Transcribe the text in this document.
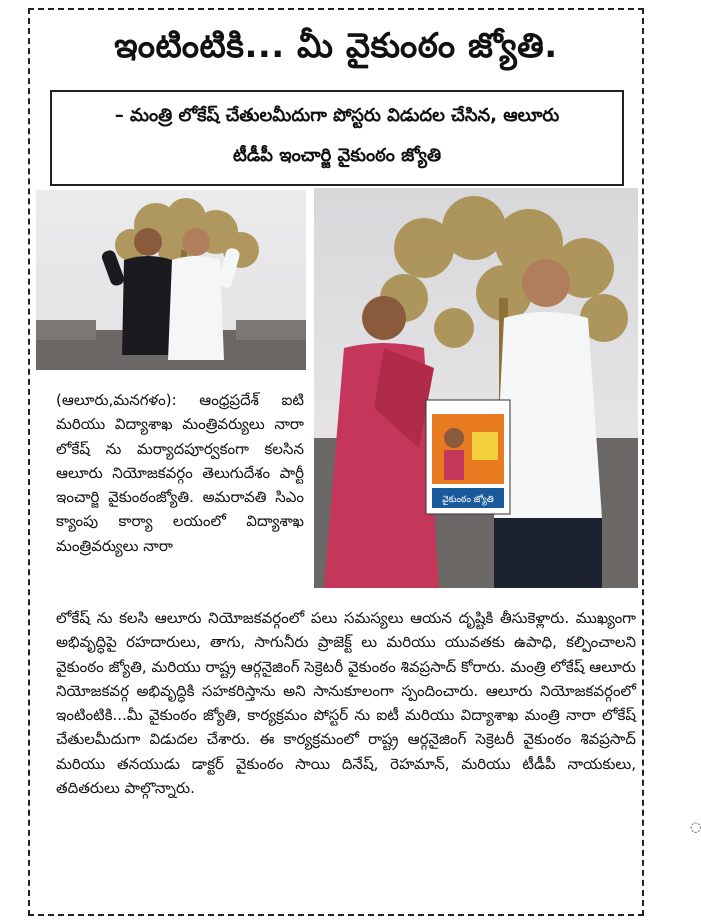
ఇంటింటికి... మీ వైకుంఠం జ్యోతి.
– మంత్రి లోకేష్ చేతులమీదుగా పోస్టరు విడుదల చేసిన, ఆలూరు
టీడీపీ ఇంచార్జి వైకుంఠం జ్యోతి
వైకుంఠం జ్యోతి

(ఆలూరు,మనగళం): ఆంధ్రప్రదేశ్ ఐటి మరియు విద్యాశాఖ మంత్రివర్యులు నారా లోకేష్ ను మర్యాదపూర్వకంగా కలసిన ఆలూరు నియోజకవర్గం తెలుగుదేశం పార్టీ ఇంచార్జి వైకుంఠంజ్యోతి. అమరావతి సిఎం క్యాంపు కార్యా లయంలో విద్యాశాఖ మంత్రివర్యులు నారా

లోకేష్ ను కలసి ఆలూరు నియోజకవర్గంలో పలు సమస్యలు ఆయన దృష్టికి తీసుకెళ్లారు. ముఖ్యంగా అభివృద్ధిపై రహదారులు, తాగు, సాగునీరు ప్రాజెక్ట్ లు మరియు యువతకు ఉపాధి, కల్పించాలని వైకుంఠం జ్యోతి, మరియు రాష్ట్ర ఆర్గనైజింగ్ సెక్రెటరీ వైకుంఠం శివప్రసాద్ కోరారు. మంత్రి లోకేష్ ఆలూరు నియోజకవర్గ అభివృద్ధికి సహకరిస్తాను అని సానుకూలంగా స్పందించారు. ఆలూరు నియోజకవర్గంలో ఇంటింటికి...మీ వైకుంఠం జ్యోతి, కార్యక్రమం పోస్టర్ ను ఐటీ మరియు విద్యాశాఖ మంత్రి నారా లోకేష్ చేతులమీదుగా విడుదల చేశారు. ఈ కార్యక్రమంలో రాష్ట్ర ఆర్గనైజింగ్ సెక్రెటరీ వైకుంఠం శివప్రసాద్ మరియు తనయుడు డాక్టర్ వైకుంఠం సాయి దినేష్, రెహమాన్, మరియు టీడీపీ నాయకులు, తదితరులు పాల్గొన్నారు.

◌
